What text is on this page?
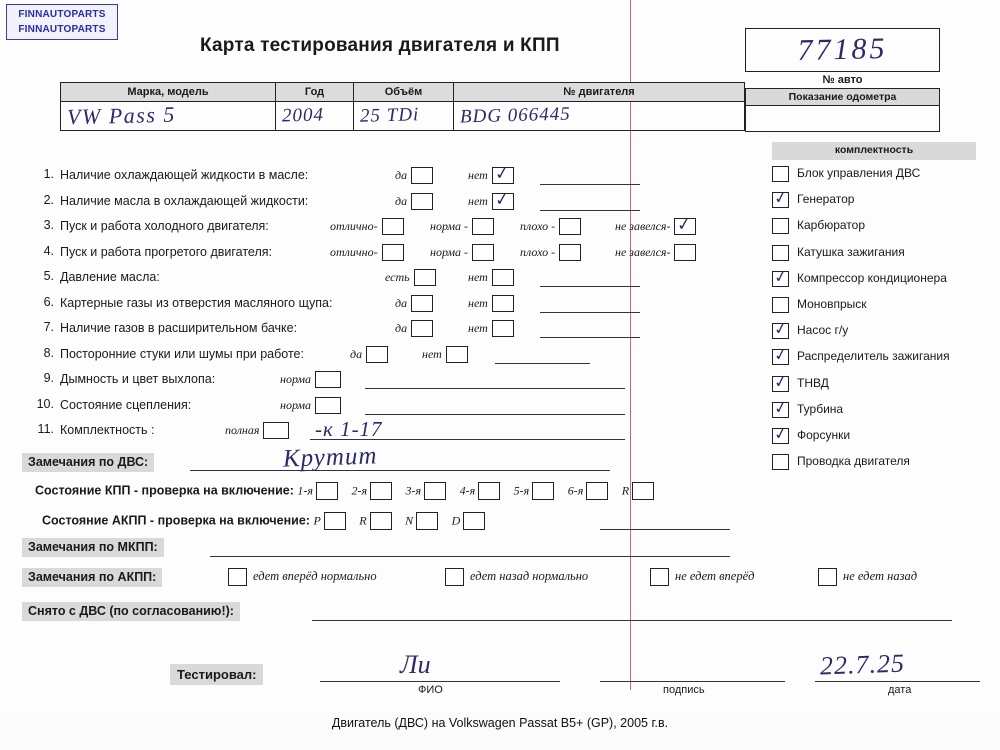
FINNAUTOPARTS
FINNAUTOPARTS
Карта тестирования двигателя и КПП	77185
№ авто
Показание одометра
Марка, модель	Год	Объём	№ двигателя
VW Pass 5	2004	25 TDi	BDG 066445
1. Наличие охлаждающей жидкости в масле:	да	нет✓
2. Наличие масла в охлаждающей жидкости:	да	нет✓
3. Пуск и работа холодного двигателя:	отлично-	норма -	плохо -	не завелся-✓
4. Пуск и работа прогретого двигателя:	отлично-	норма -	плохо -	не завелся-
5. Давление масла:	есть	нет
6. Картерные газы из отверстия масляного щупа:	да	нет
7. Наличие газов в расширительном бачке:	да	нет
8. Посторонние стуки или шумы при работе:	да	нет
9. Дымность и цвет выхлопа:	норма
10. Состояние сцепления:	норма
11. Комплектность :	полная	-к 1-17
Замечания по ДВС:	Крутит
Состояние КПП - проверка на включение: 1-я	2-я	3-я	4-я	5-я	6-я	R
Состояние АКПП - проверка на включение: P	R	N	D
Замечания по МКПП:
Замечания по АКПП:	едет вперёд нормально	едет назад нормально	не едет вперёд	не едет назад
Снято с ДВС (по согласованию!):
комплектность
Блок управления ДВС
✓Генератор
Карбюратор
Катушка зажигания
✓Компрессор кондиционера
Моновпрыск
✓Насос г/у
✓Распределитель зажигания
✓ТНВД
✓Турбина
✓Форсунки
Проводка двигателя
Тестировал:
ФИО
Ли
подпись	дата
22.7.25
Двигатель (ДВС) на Volkswagen Passat B5+ (GP), 2005 г.в.
